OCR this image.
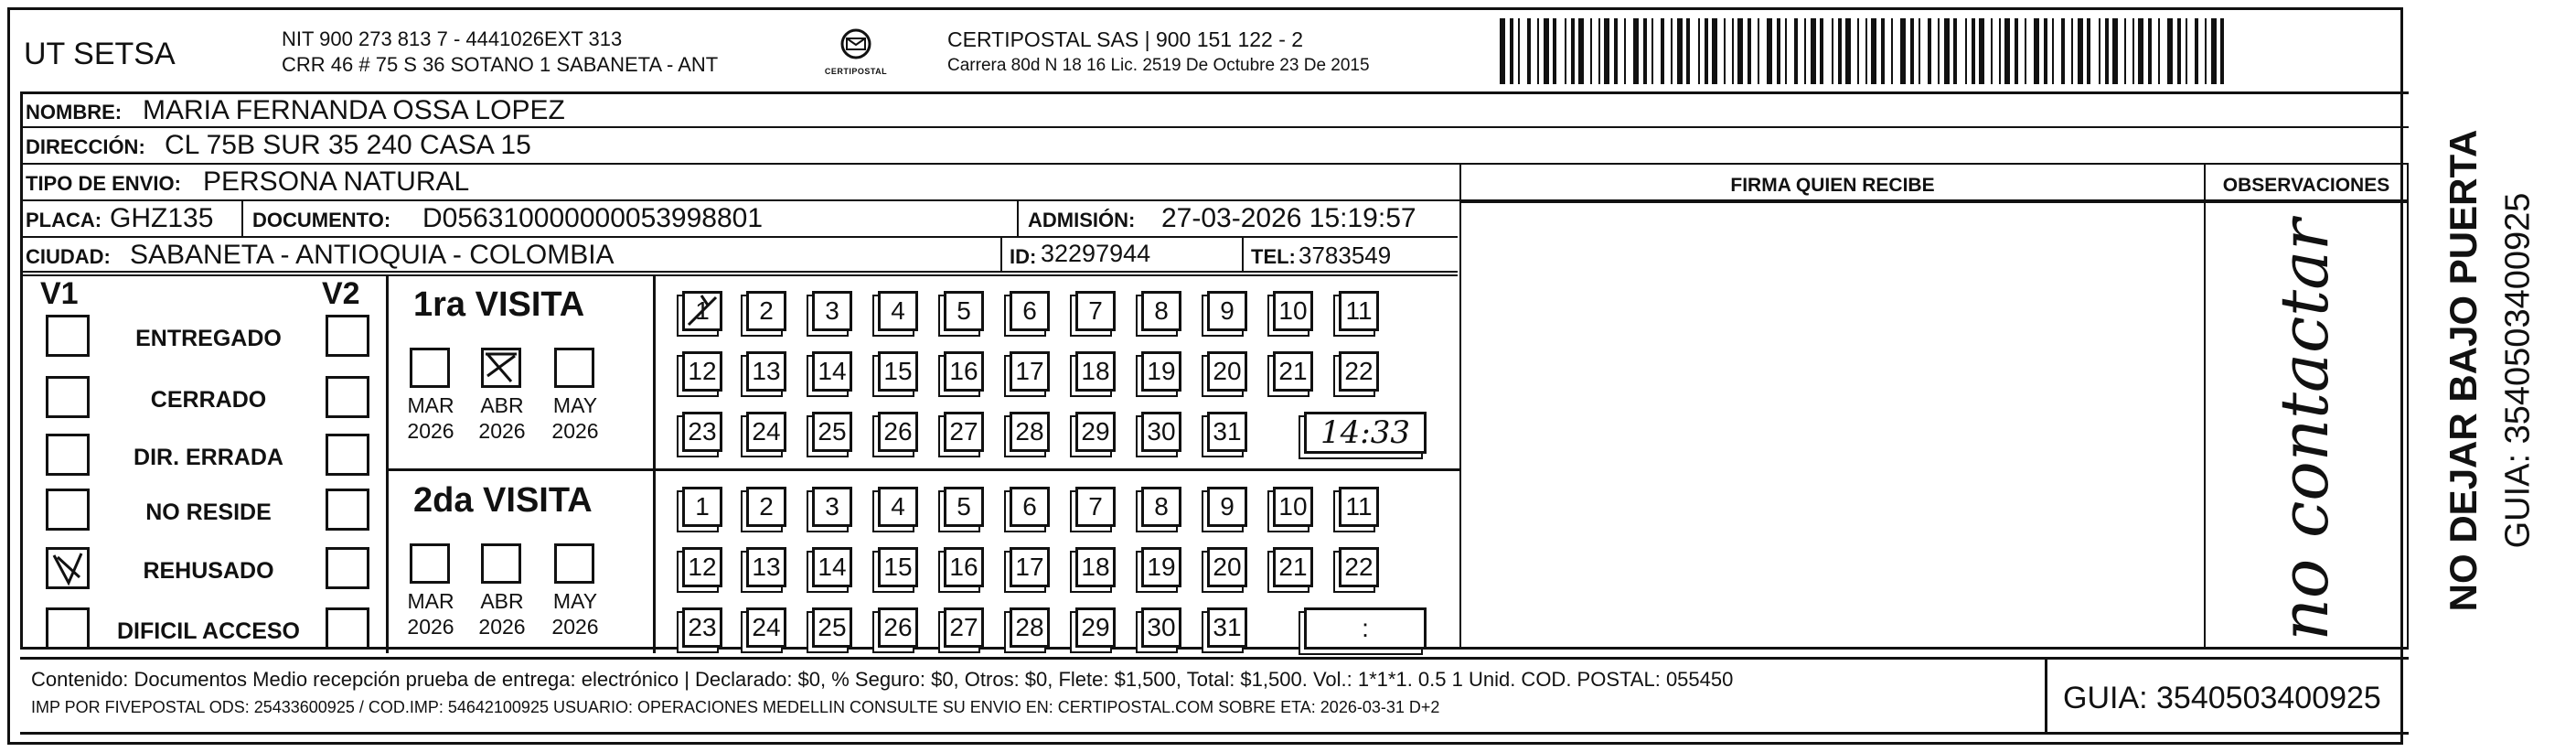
UT SETSA	NIT 900 273 813 7 - 4441026EXT 313
CRR 46 # 75 S 36 SOTANO 1 SABANETA - ANT	CERTIPOSTAL
CERTIPOSTAL SAS | 900 151 122 - 2
Carrera 80d N 18 16 Lic. 2519 De Octubre 23 De 2015
NOMBRE: MARIA FERNANDA OSSA LOPEZ
DIRECCIÓN: CL 75B SUR 35 240 CASA 15
TIPO DE ENVIO: PERSONA NATURAL	FIRMA QUIEN RECIBE	OBSERVACIONES
PLACA: GHZ135 DOCUMENTO: D056310000000053998801	ADMISIÓN: 27-03-2026 15:19:57
CIUDAD: SABANETA - ANTIOQUIA - COLOMBIA	ID: 32297944	TEL: 3783549
V1	V2
ENTREGADO
CERRADO
DIR. ERRADA
NO RESIDE
REHUSADO
DIFICIL ACCESO
1ra VISITA
MAR
2026
ABR
2026
MAY
2026
1 2 3 4 5 6 7 8 9 10 11
12 13 14 15 16 17 18 19 20 21 22
23 24 25 26 27 28 29 30 31	14:33
2da VISITA
MAR
2026
ABR
2026
MAY
2026
1 2 3 4 5 6 7 8 9 10 11
12 13 14 15 16 17 18 19 20 21 22
23 24 25 26 27 28 29 30 31	:	no contactar
Contenido: Documentos Medio recepción prueba de entrega: electrónico | Declarado: $0, % Seguro: $0, Otros: $0, Flete: $1,500, Total: $1,500. Vol.: 1*1*1. 0.5 1 Unid. COD. POSTAL: 055450
IMP POR FIVEPOSTAL ODS: 25433600925 / COD.IMP: 54642100925 USUARIO: OPERACIONES MEDELLIN CONSULTE SU ENVIO EN: CERTIPOSTAL.COM SOBRE ETA: 2026-03-31 D+2	GUIA: 3540503400925
NO DEJAR BAJO PUERTA GUIA: 3540503400925
